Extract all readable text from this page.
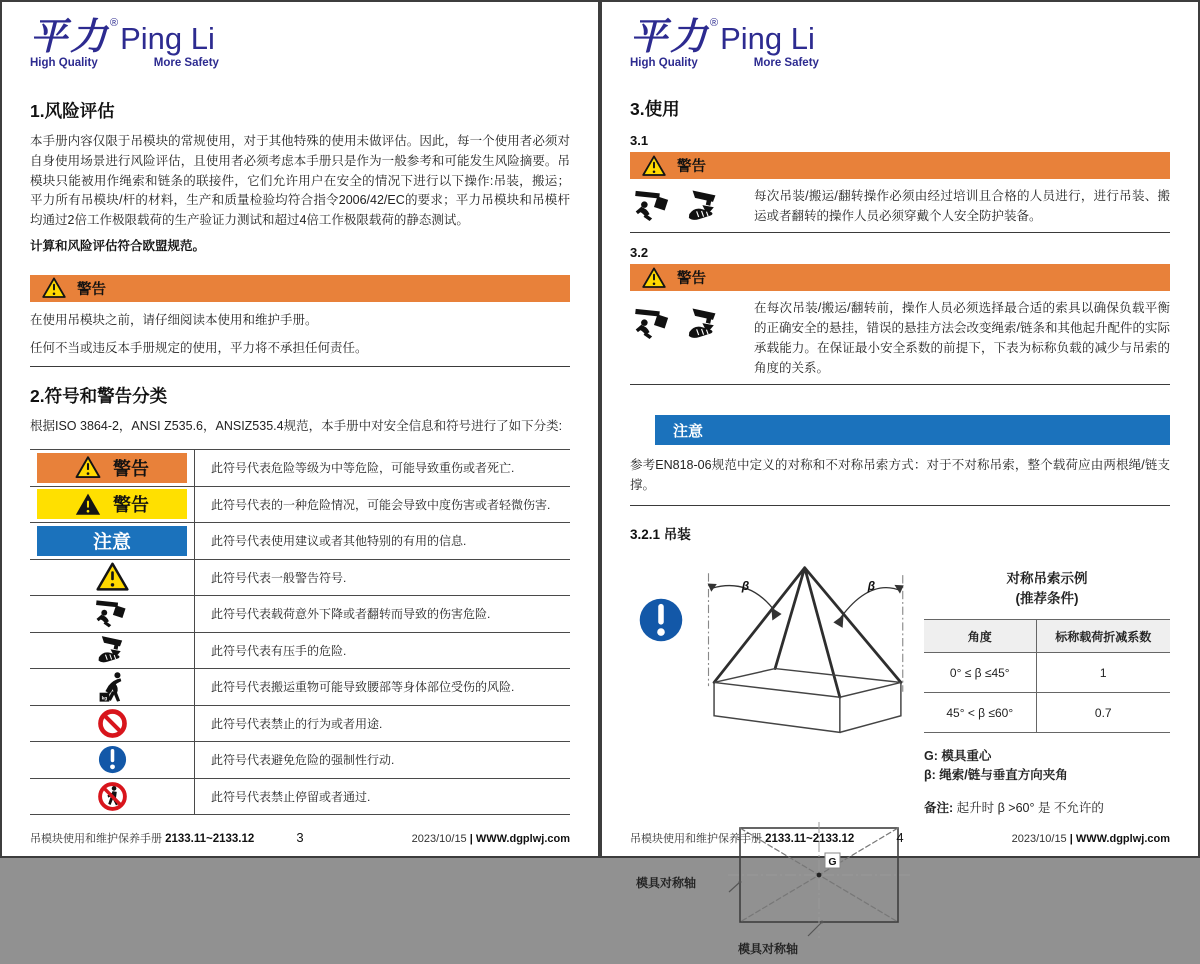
平力®Ping Li
High Quality	More Safety
1.风险评估

本手册内容仅限于吊模块的常规使用，对于其他特殊的使用未做评估。因此，每一个使用者必须对自身使用场景进行风险评估，且使用者必须考虑本手册只是作为一般参考和可能发生风险摘要。吊模块只能被用作绳索和链条的联接件，它们允许用户在安全的情况下进行以下操作:吊装，搬运；平力所有吊模块/杆的材料，生产和质量检验均符合指令2006/42/EC的要求；平力吊模块和吊模杆均通过2倍工作极限载荷的生产验证力测试和超过4倍工作极限载荷的静态测试。

计算和风险评估符合欧盟规范。
警告

在使用吊模块之前，请仔细阅读本使用和维护手册。

任何不当或违反本手册规定的使用，平力将不承担任何责任。

2.符号和警告分类

根据ISO 3864-2，ANSI Z535.6，ANSIZ535.4规范，本手册中对安全信息和符号进行了如下分类:

警告	此符号代表危险等级为中等危险，可能导致重伤或者死亡.
警告	此符号代表的一种危险情况，可能会导致中度伤害或者轻微伤害.
注意	此符号代表使用建议或者其他特别的有用的信息.
此符号代表一般警告符号.
此符号代表载荷意外下降或者翻转而导致的伤害危险.
此符号代表有压手的危险.
kg
此符号代表搬运重物可能导致腰部等身体部位受伤的风险.
此符号代表禁止的行为或者用途.
此符号代表避免危险的强制性行动.
此符号代表禁止停留或者通过.
吊模块使用和维护保养手册 2133.11~2133.12	3	2023/10/15 | WWW.dgplwj.com
平力®Ping Li
High Quality	More Safety
3.使用
3.1
警告
每次吊装/搬运/翻转操作必须由经过培训且合格的人员进行，进行吊装、搬运或者翻转的操作人员必须穿戴个人安全防护装备。
3.2
警告
在每次吊装/搬运/翻转前，操作人员必须选择最合适的索具以确保负载平衡的正确安全的悬挂，错误的悬挂方法会改变绳索/链条和其他起升配件的实际承载能力。在保证最小安全系数的前提下，下表为标称负载的减少与吊索的角度的关系。
注意

参考EN818-06规范中定义的对称和不对称吊索方式：对于不对称吊索，整个载荷应由两根绳/链支撑。

3.2.1 吊装
β	β	对称吊索示例
(推荐条件)
角度	标称载荷折减系数
0° ≤ β ≤45°	1
45° < β ≤60°	0.7
G: 模具重心
β: 绳索/链与垂直方向夹角
备注: 起升时 β >60° 是 不允许的
模具对称轴
G
模具对称轴
吊模块使用和维护保养手册 2133.11~2133.12	4	2023/10/15 | WWW.dgplwj.com
